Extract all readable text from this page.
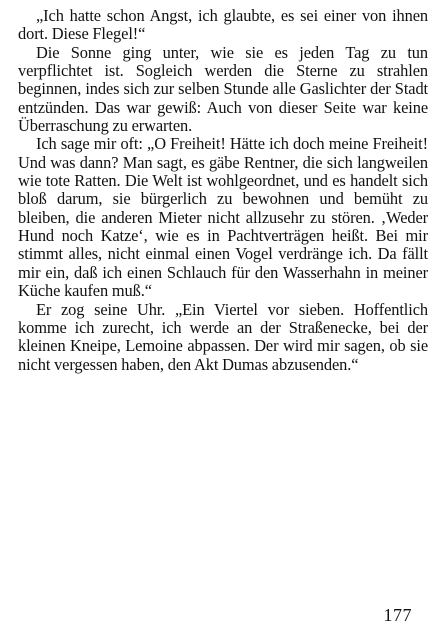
„Ich hatte schon Angst, ich glaubte, es sei einer von ihnen dort. Diese Flegel!“

Die Sonne ging unter, wie sie es jeden Tag zu tun verpflichtet ist. Sogleich werden die Sterne zu strahlen beginnen, indes sich zur selben Stunde alle Gaslichter der Stadt entzünden. Das war gewiß: Auch von dieser Seite war keine Überraschung zu erwarten.

Ich sage mir oft: „O Freiheit! Hätte ich doch meine Freiheit! Und was dann? Man sagt, es gäbe Rentner, die sich langweilen wie tote Ratten. Die Welt ist wohlgeordnet, und es handelt sich bloß darum, sie bürgerlich zu bewohnen und bemüht zu bleiben, die anderen Mieter nicht allzusehr zu stören. ‚Weder Hund noch Katze‘, wie es in Pachtverträgen heißt. Bei mir stimmt alles, nicht einmal einen Vogel verdränge ich. Da fällt mir ein, daß ich einen Schlauch für den Wasserhahn in meiner Küche kaufen muß.“

Er zog seine Uhr. „Ein Viertel vor sieben. Hoffentlich komme ich zurecht, ich werde an der Straßenecke, bei der kleinen Kneipe, Lemoine abpassen. Der wird mir sagen, ob sie nicht vergessen haben, den Akt Dumas abzusenden.“

177
